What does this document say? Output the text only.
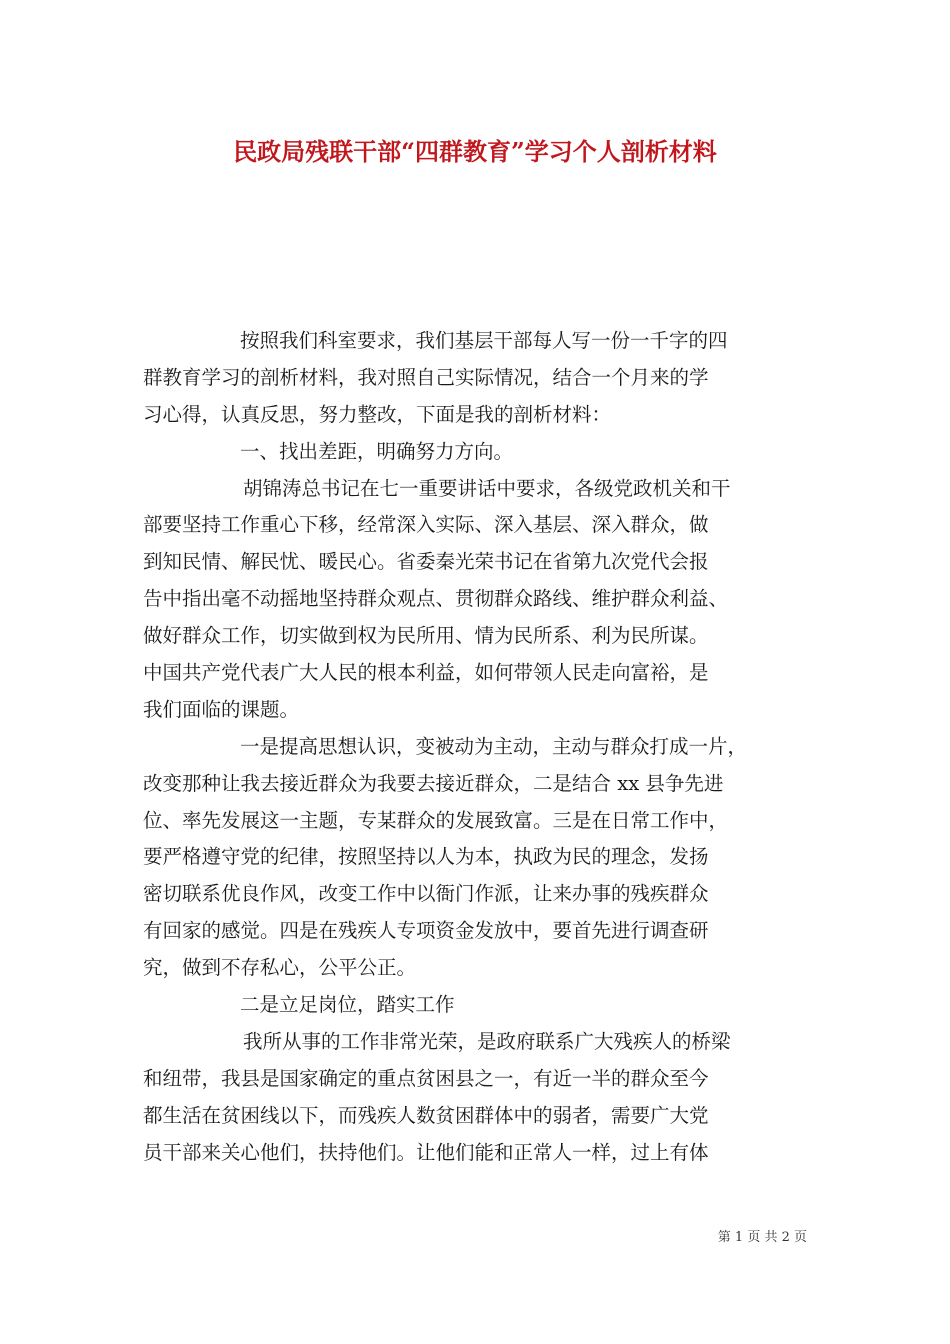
民政局残联干部“四群教育”学习个人剖析材料
按照我们科室要求，我们基层干部每人写一份一千字的四
群教育学习的剖析材料，我对照自己实际情况，结合一个月来的学
习心得，认真反思，努力整改，下面是我的剖析材料：
一、找出差距，明确努力方向。
胡锦涛总书记在七一重要讲话中要求，各级党政机关和干
部要坚持工作重心下移，经常深入实际、深入基层、深入群众，做
到知民情、解民忧、暖民心。省委秦光荣书记在省第九次党代会报
告中指出毫不动摇地坚持群众观点、贯彻群众路线、维护群众利益、
做好群众工作，切实做到权为民所用、情为民所系、利为民所谋。
中国共产党代表广大人民的根本利益，如何带领人民走向富裕，是
我们面临的课题。
一是提高思想认识，变被动为主动，主动与群众打成一片，
改变那种让我去接近群众为我要去接近群众，二是结合 xx 县争先进
位、率先发展这一主题，专某群众的发展致富。三是在日常工作中，
要严格遵守党的纪律，按照坚持以人为本，执政为民的理念，发扬
密切联系优良作风，改变工作中以衙门作派，让来办事的残疾群众
有回家的感觉。四是在残疾人专项资金发放中，要首先进行调查研
究，做到不存私心，公平公正。
二是立足岗位，踏实工作
我所从事的工作非常光荣，是政府联系广大残疾人的桥梁
和纽带，我县是国家确定的重点贫困县之一，有近一半的群众至今
都生活在贫困线以下，而残疾人数贫困群体中的弱者，需要广大党
员干部来关心他们，扶持他们。让他们能和正常人一样，过上有体
第 1 页 共 2 页
